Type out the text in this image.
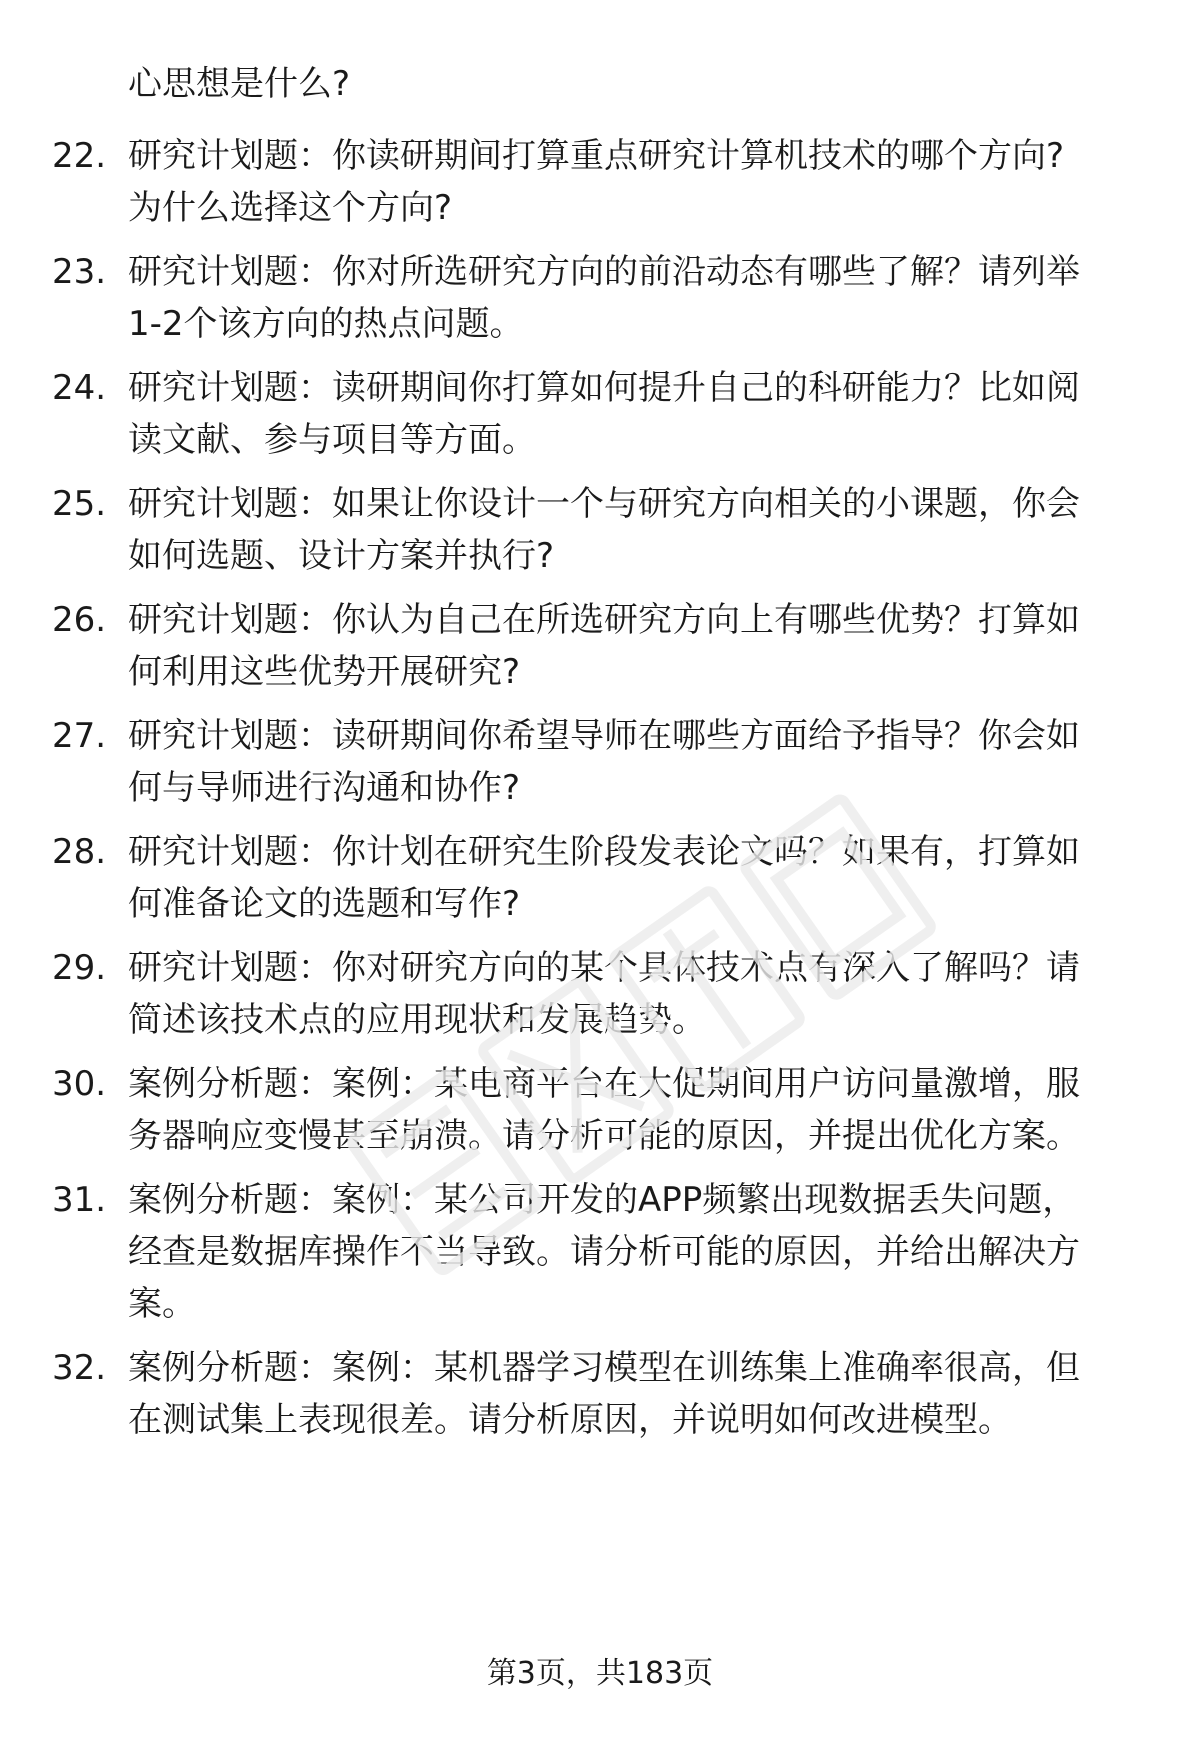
心思想是什么?
22. 研究计划题：你读研期间打算重点研究计算机技术的哪个方向?
为什么选择这个方向?
23. 研究计划题：你对所选研究方向的前沿动态有哪些了解？请列举
1-2个该方向的热点问题。
24. 研究计划题：读研期间你打算如何提升自己的科研能力？比如阅
读文献、参与项目等方面。
25. 研究计划题：如果让你设计一个与研究方向相关的小课题，你会
如何选题、设计方案并执行?
26. 研究计划题：你认为自己在所选研究方向上有哪些优势？打算如
何利用这些优势开展研究?
27. 研究计划题：读研期间你希望导师在哪些方面给予指导？你会如
何与导师进行沟通和协作?
28. 研究计划题：你计划在研究生阶段发表论文吗？如果有，打算如
何准备论文的选题和写作?
29. 研究计划题：你对研究方向的某个具体技术点有深入了解吗？请
简述该技术点的应用现状和发展趋势。
30. 案例分析题：案例：某电商平台在大促期间用户访问量激增，服
务器响应变慢甚至崩溃。请分析可能的原因，并提出优化方案。
31. 案例分析题：案例：某公司开发的APP频繁出现数据丢失问题，
经查是数据库操作不当导致。请分析可能的原因，并给出解决方
案。
32. 案例分析题：案例：某机器学习模型在训练集上准确率很高，但
在测试集上表现很差。请分析原因，并说明如何改进模型。
第3页，共183页
